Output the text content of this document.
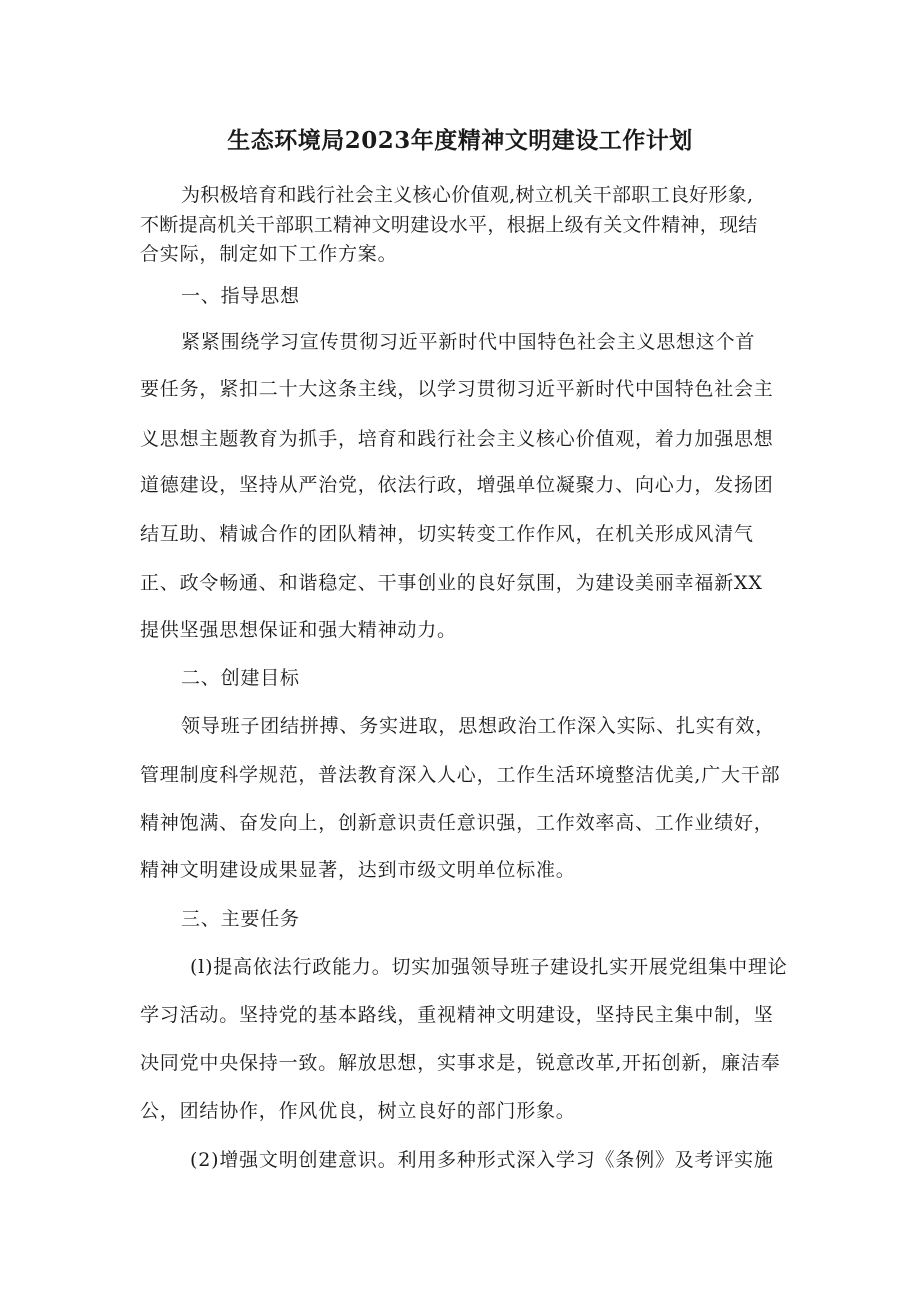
生态环境局2023年度精神文明建设工作计划
为积极培育和践行社会主义核心价值观,树立机关干部职工良好形象,
不断提高机关干部职工精神文明建设水平，根据上级有关文件精神，现结
合实际，制定如下工作方案。
一、指导思想
紧紧围绕学习宣传贯彻习近平新时代中国特色社会主义思想这个首
要任务，紧扣二十大这条主线，以学习贯彻习近平新时代中国特色社会主
义思想主题教育为抓手，培育和践行社会主义核心价值观，着力加强思想
道德建设，坚持从严治党，依法行政，增强单位凝聚力、向心力，发扬团
结互助、精诚合作的团队精神，切实转变工作作风，在机关形成风清气
正、政令畅通、和谐稳定、干事创业的良好氛围，为建设美丽幸福新XX
提供坚强思想保证和强大精神动力。
二、创建目标
领导班子团结拼搏、务实进取，思想政治工作深入实际、扎实有效，
管理制度科学规范，普法教育深入人心，工作生活环境整洁优美,广大干部
精神饱满、奋发向上，创新意识责任意识强，工作效率高、工作业绩好，
精神文明建设成果显著，达到市级文明单位标准。
三、主要任务
(l)提高依法行政能力。切实加强领导班子建设扎实开展党组集中理论
学习活动。坚持党的基本路线，重视精神文明建设，坚持民主集中制，坚
决同党中央保持一致。解放思想，实事求是，锐意改革,开拓创新，廉洁奉
公，团结协作，作风优良，树立良好的部门形象。
(2)增强文明创建意识。利用多种形式深入学习《条例》及考评实施
